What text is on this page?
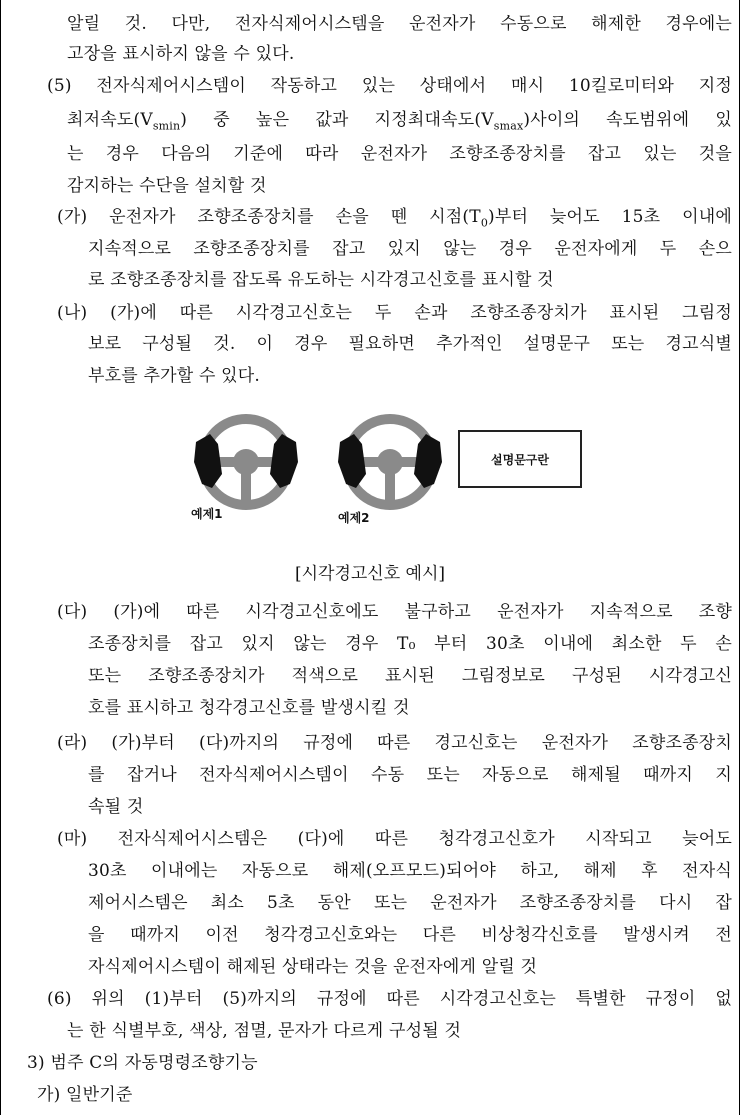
알릴 것. 다만, 전자식제어시스템을 운전자가 수동으로 해제한 경우에는
고장을 표시하지 않을 수 있다.
(5) 전자식제어시스템이 작동하고 있는 상태에서 매시 10킬로미터와 지정
최저속도$(V_{smin})$ 중 높은 값과 지정최대속도$(V_{smax})$사이의 속도범위에 있
는 경우 다음의 기준에 따라 운전자가 조향조종장치를 잡고 있는 것을
감지하는 수단을 설치할 것
(가) 운전자가 조향조종장치를 손을 뗀 시점$(T_0)$부터 늦어도 15초 이내에
지속적으로 조향조종장치를 잡고 있지 않는 경우 운전자에게 두 손으
로 조향조종장치를 잡도록 유도하는 시각경고신호를 표시할 것
(나) (가)에 따른 시각경고신호는 두 손과 조향조종장치가 표시된 그림정
보로 구성될 것. 이 경우 필요하면 추가적인 설명문구 또는 경고식별
부호를 추가할 수 있다.
예제1	예제2
설명문구란
[시각경고신호 예시]
(다) (가)에 따른 시각경고신호에도 불구하고 운전자가 지속적으로 조향
조종장치를 잡고 있지 않는 경우 T₀ 부터 30초 이내에 최소한 두 손
또는 조향조종장치가 적색으로 표시된 그림정보로 구성된 시각경고신
호를 표시하고 청각경고신호를 발생시킬 것
(라) (가)부터 (다)까지의 규정에 따른 경고신호는 운전자가 조향조종장치
를 잡거나 전자식제어시스템이 수동 또는 자동으로 해제될 때까지 지
속될 것
(마) 전자식제어시스템은 (다)에 따른 청각경고신호가 시작되고 늦어도
30초 이내에는 자동으로 해제(오프모드)되어야 하고, 해제 후 전자식
제어시스템은 최소 5초 동안 또는 운전자가 조향조종장치를 다시 잡
을 때까지 이전 청각경고신호와는 다른 비상청각신호를 발생시켜 전
자식제어시스템이 해제된 상태라는 것을 운전자에게 알릴 것
(6) 위의 (1)부터 (5)까지의 규정에 따른 시각경고신호는 특별한 규정이 없
는 한 식별부호, 색상, 점멸, 문자가 다르게 구성될 것
3) 범주 C의 자동명령조향기능
가) 일반기준
